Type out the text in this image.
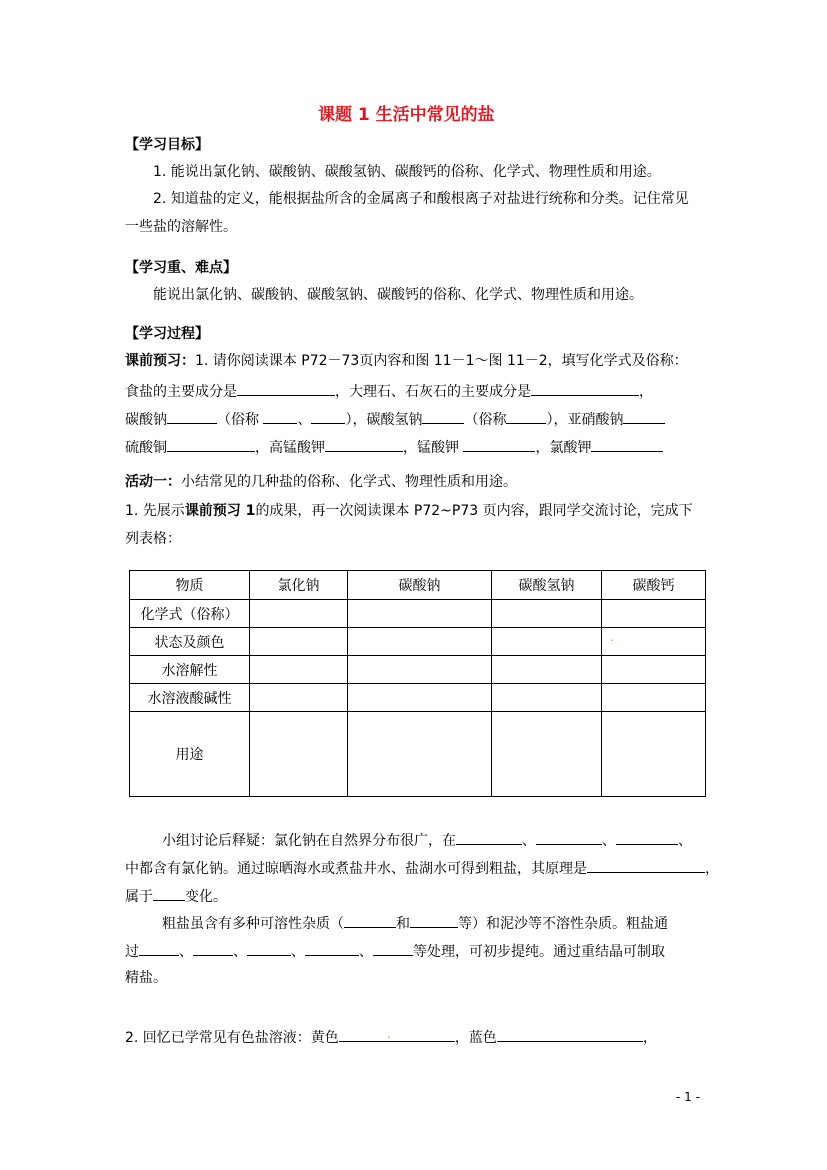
课题 1 生活中常见的盐
【学习目标】
1. 能说出氯化钠、碳酸钠、碳酸氢钠、碳酸钙的俗称、化学式、物理性质和用途。
2. 知道盐的定义，能根据盐所含的金属离子和酸根离子对盐进行统称和分类。记住常见
一些盐的溶解性。
【学习重、难点】
能说出氯化钠、碳酸钠、碳酸氢钠、碳酸钙的俗称、化学式、物理性质和用途。
【学习过程】
课前预习：1. 请你阅读课本 P72－73页内容和图 11－1～图 11－2，填写化学式及俗称：
食盐的主要成分是	，大理石、石灰石的主要成分是	，
碳酸钠	（俗称	、 ），碳酸氢钠	（俗称	），亚硝酸钠
硫酸铜	，高锰酸钾	，锰酸钾	，氯酸钾
活动一：小结常见的几种盐的俗称、化学式、物理性质和用途。
1. 先展示课前预习 1的成果，再一次阅读课本 P72~P73 页内容，跟同学交流讨论，完成下
列表格：
物质	氯化钠	碳酸钠	碳酸氢钠	碳酸钙
化学式（俗称）				
状态及颜色				.

水溶解性				
水溶液酸碱性				
用途				
小组讨论后释疑：氯化钠在自然界分布很广，在	、	、	、
中都含有氯化钠。通过晾晒海水或煮盐井水、盐湖水可得到粗盐，其原理是	，
属于 变化。
粗盐虽含有多种可溶性杂质（	和	等）和泥沙等不溶性杂质。粗盐通
过	、	、	、	、	等处理，可初步提纯。通过重结晶可制取
精盐。
2. 回忆已学常见有色盐溶液：黄色	.	，蓝色	，
- 1 -
